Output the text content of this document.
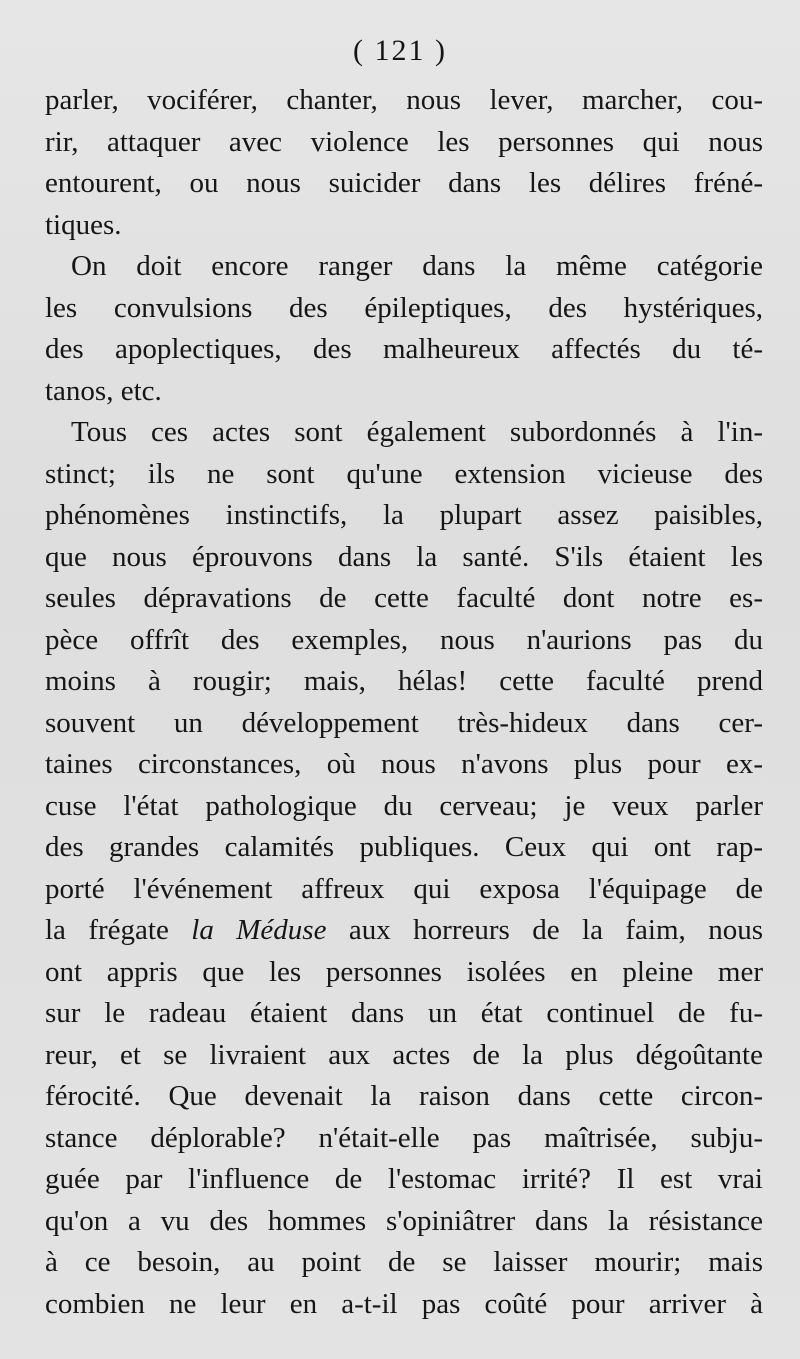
( 121 )
parler, vociférer, chanter, nous lever, marcher, cou-
rir, attaquer avec violence les personnes qui nous
entourent, ou nous suicider dans les délires fréné-
tiques.
On doit encore ranger dans la même catégorie
les convulsions des épileptiques, des hystériques,
des apoplectiques, des malheureux affectés du té-
tanos, etc.
Tous ces actes sont également subordonnés à l'in-
stinct; ils ne sont qu'une extension vicieuse des
phénomènes instinctifs, la plupart assez paisibles,
que nous éprouvons dans la santé. S'ils étaient les
seules dépravations de cette faculté dont notre es-
pèce offrît des exemples, nous n'aurions pas du
moins à rougir; mais, hélas! cette faculté prend
souvent un développement très-hideux dans cer-
taines circonstances, où nous n'avons plus pour ex-
cuse l'état pathologique du cerveau; je veux parler
des grandes calamités publiques. Ceux qui ont rap-
porté l'événement affreux qui exposa l'équipage de
la frégate la Méduse aux horreurs de la faim, nous
ont appris que les personnes isolées en pleine mer
sur le radeau étaient dans un état continuel de fu-
reur, et se livraient aux actes de la plus dégoûtante
férocité. Que devenait la raison dans cette circon-
stance déplorable? n'était-elle pas maîtrisée, subju-
guée par l'influence de l'estomac irrité? Il est vrai
qu'on a vu des hommes s'opiniâtrer dans la résistance
à ce besoin, au point de se laisser mourir; mais
combien ne leur en a-t-il pas coûté pour arriver à
